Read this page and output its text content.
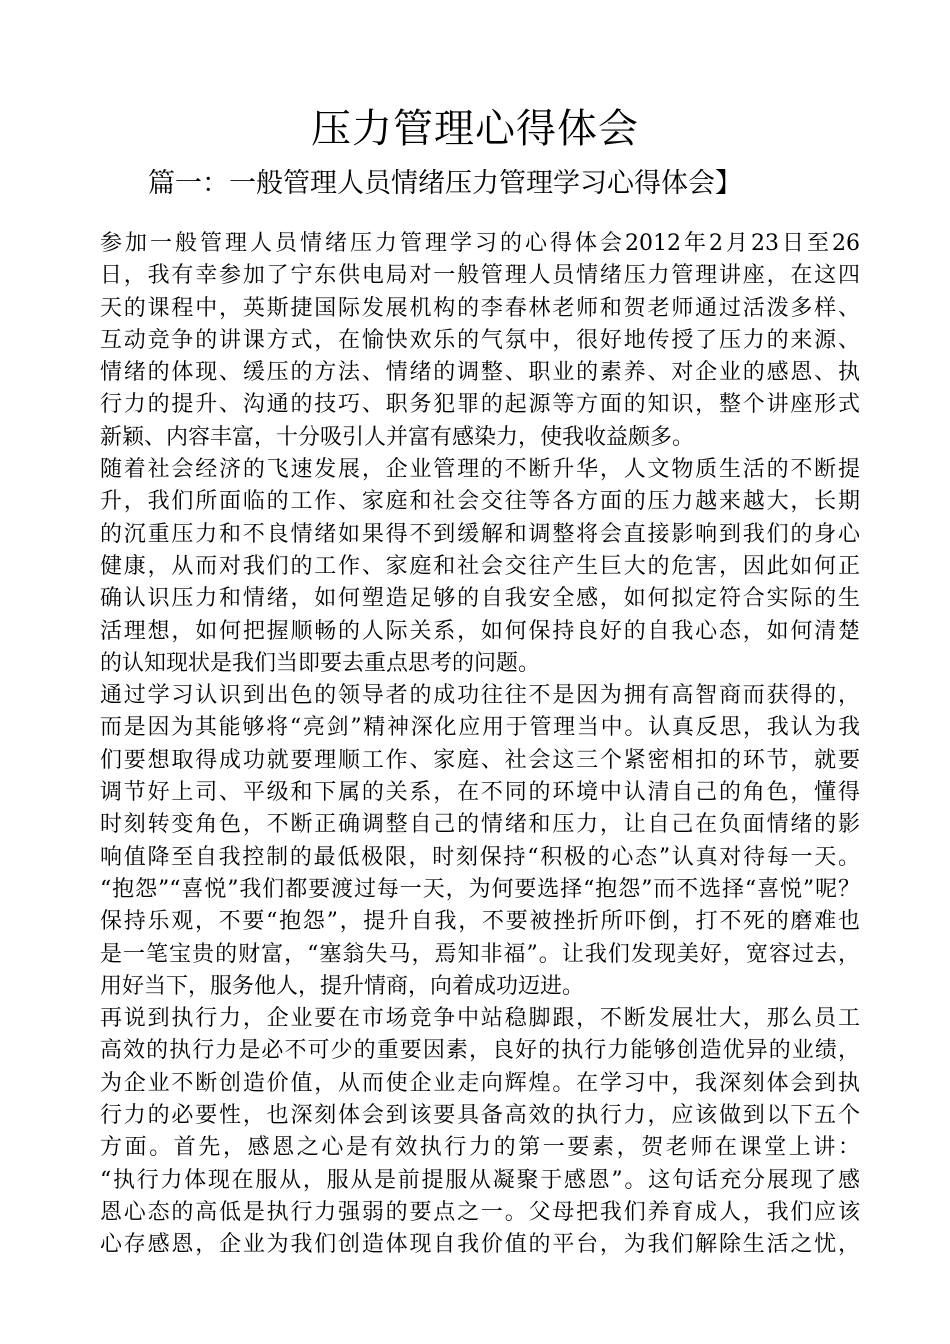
压力管理心得体会
篇一：一般管理人员情绪压力管理学习心得体会】
参加一般管理人员情绪压力管理学习的心得体会2012年2月23日至26
日，我有幸参加了宁东供电局对一般管理人员情绪压力管理讲座，在这四
天的课程中，英斯捷国际发展机构的李春林老师和贺老师通过活泼多样、
互动竞争的讲课方式，在愉快欢乐的气氛中，很好地传授了压力的来源、
情绪的体现、缓压的方法、情绪的调整、职业的素养、对企业的感恩、执
行力的提升、沟通的技巧、职务犯罪的起源等方面的知识，整个讲座形式
新颖、内容丰富，十分吸引人并富有感染力，使我收益颇多。
随着社会经济的飞速发展，企业管理的不断升华，人文物质生活的不断提
升，我们所面临的工作、家庭和社会交往等各方面的压力越来越大，长期
的沉重压力和不良情绪如果得不到缓解和调整将会直接影响到我们的身心
健康，从而对我们的工作、家庭和社会交往产生巨大的危害，因此如何正
确认识压力和情绪，如何塑造足够的自我安全感，如何拟定符合实际的生
活理想，如何把握顺畅的人际关系，如何保持良好的自我心态，如何清楚
的认知现状是我们当即要去重点思考的问题。
通过学习认识到出色的领导者的成功往往不是因为拥有高智商而获得的，
而是因为其能够将“亮剑”精神深化应用于管理当中。认真反思，我认为我
们要想取得成功就要理顺工作、家庭、社会这三个紧密相扣的环节，就要
调节好上司、平级和下属的关系，在不同的环境中认清自己的角色，懂得
时刻转变角色，不断正确调整自己的情绪和压力，让自己在负面情绪的影
响值降至自我控制的最低极限，时刻保持“积极的心态”认真对待每一天。
“抱怨”“喜悦”我们都要渡过每一天，为何要选择“抱怨”而不选择“喜悦”呢？
保持乐观，不要“抱怨”，提升自我，不要被挫折所吓倒，打不死的磨难也
是一笔宝贵的财富，“塞翁失马，焉知非福”。让我们发现美好，宽容过去，
用好当下，服务他人，提升情商，向着成功迈进。
再说到执行力，企业要在市场竞争中站稳脚跟，不断发展壮大，那么员工
高效的执行力是必不可少的重要因素，良好的执行力能够创造优异的业绩，
为企业不断创造价值，从而使企业走向辉煌。在学习中，我深刻体会到执
行力的必要性，也深刻体会到该要具备高效的执行力，应该做到以下五个
方面。首先，感恩之心是有效执行力的第一要素，贺老师在课堂上讲：
“执行力体现在服从，服从是前提服从凝聚于感恩”。这句话充分展现了感
恩心态的高低是执行力强弱的要点之一。父母把我们养育成人，我们应该
心存感恩，企业为我们创造体现自我价值的平台，为我们解除生活之忧，
